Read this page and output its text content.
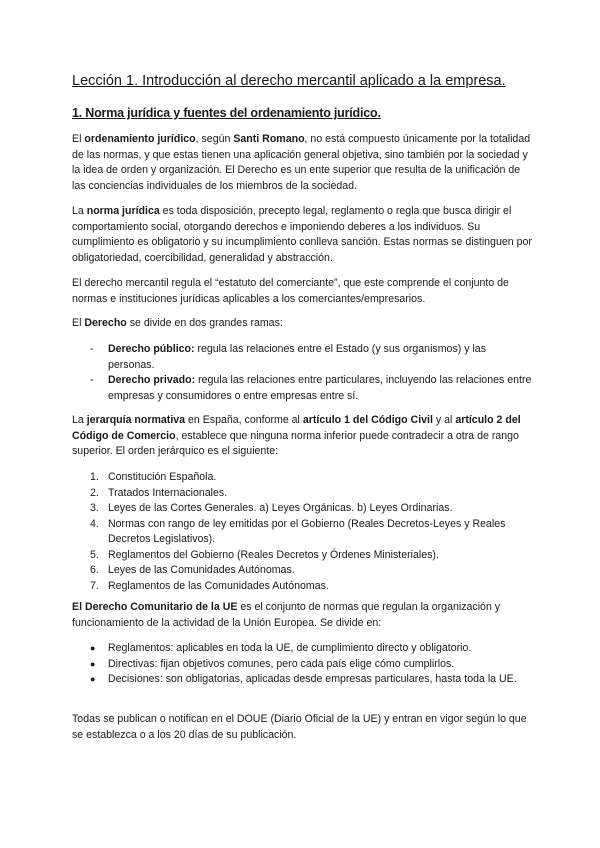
Lección 1. Introducción al derecho mercantil aplicado a la empresa.
1. Norma jurídica y fuentes del ordenamiento jurídico.

El ordenamiento jurídico, según Santi Romano, no está compuesto únicamente por la totalidad de las normas, y que estas tienen una aplicación general objetiva, sino también por la sociedad y la idea de orden y organización. El Derecho es un ente superior que resulta de la unificación de las conciencias individuales de los miembros de la sociedad.

La norma jurídica es toda disposición, precepto legal, reglamento o regla que busca dirigir el comportamiento social, otorgando derechos e imponiendo deberes a los individuos. Su cumplimiento es obligatorio y su incumplimiento conlleva sanción. Estas normas se distinguen por obligatoriedad, coercibilidad, generalidad y abstracción.

El derecho mercantil regula el “estatuto del comerciante”, que este comprende el conjunto de normas e instituciones jurídicas aplicables a los comerciantes/empresarios.

El Derecho se divide en dos grandes ramas:

- Derecho público: regula las relaciones entre el Estado (y sus organismos) y las personas.
- Derecho privado: regula las relaciones entre particulares, incluyendo las relaciones entre empresas y consumidores o entre empresas entre sí.

La jerarquía normativa en España, conforme al artículo 1 del Código Civil y al artículo 2 del Código de Comercio, establece que ninguna norma inferior puede contradecir a otra de rango superior. El orden jerárquico es el siguiente:

1. Constitución Española.
2. Tratados Internacionales.
3. Leyes de las Cortes Generales. a) Leyes Orgánicas. b) Leyes Ordinarias.
4. Normas con rango de ley emitidas por el Gobierno (Reales Decretos-Leyes y Reales Decretos Legislativos).
5. Reglamentos del Gobierno (Reales Decretos y Órdenes Ministeriales).
6. Leyes de las Comunidades Autónomas.
7. Reglamentos de las Comunidades Autónomas.

El Derecho Comunitario de la UE es el conjunto de normas que regulan la organización y funcionamiento de la actividad de la Unión Europea. Se divide en:

● Reglamentos: aplicables en toda la UE, de cumplimiento directo y obligatorio.
● Directivas: fijan objetivos comunes, pero cada país elige cómo cumplirlos.
● Decisiones: son obligatorias, aplicadas desde empresas particulares, hasta toda la UE.

Todas se publican o notifican en el DOUE (Diario Oficial de la UE) y entran en vigor según lo que se establezca o a los 20 días de su publicación.
